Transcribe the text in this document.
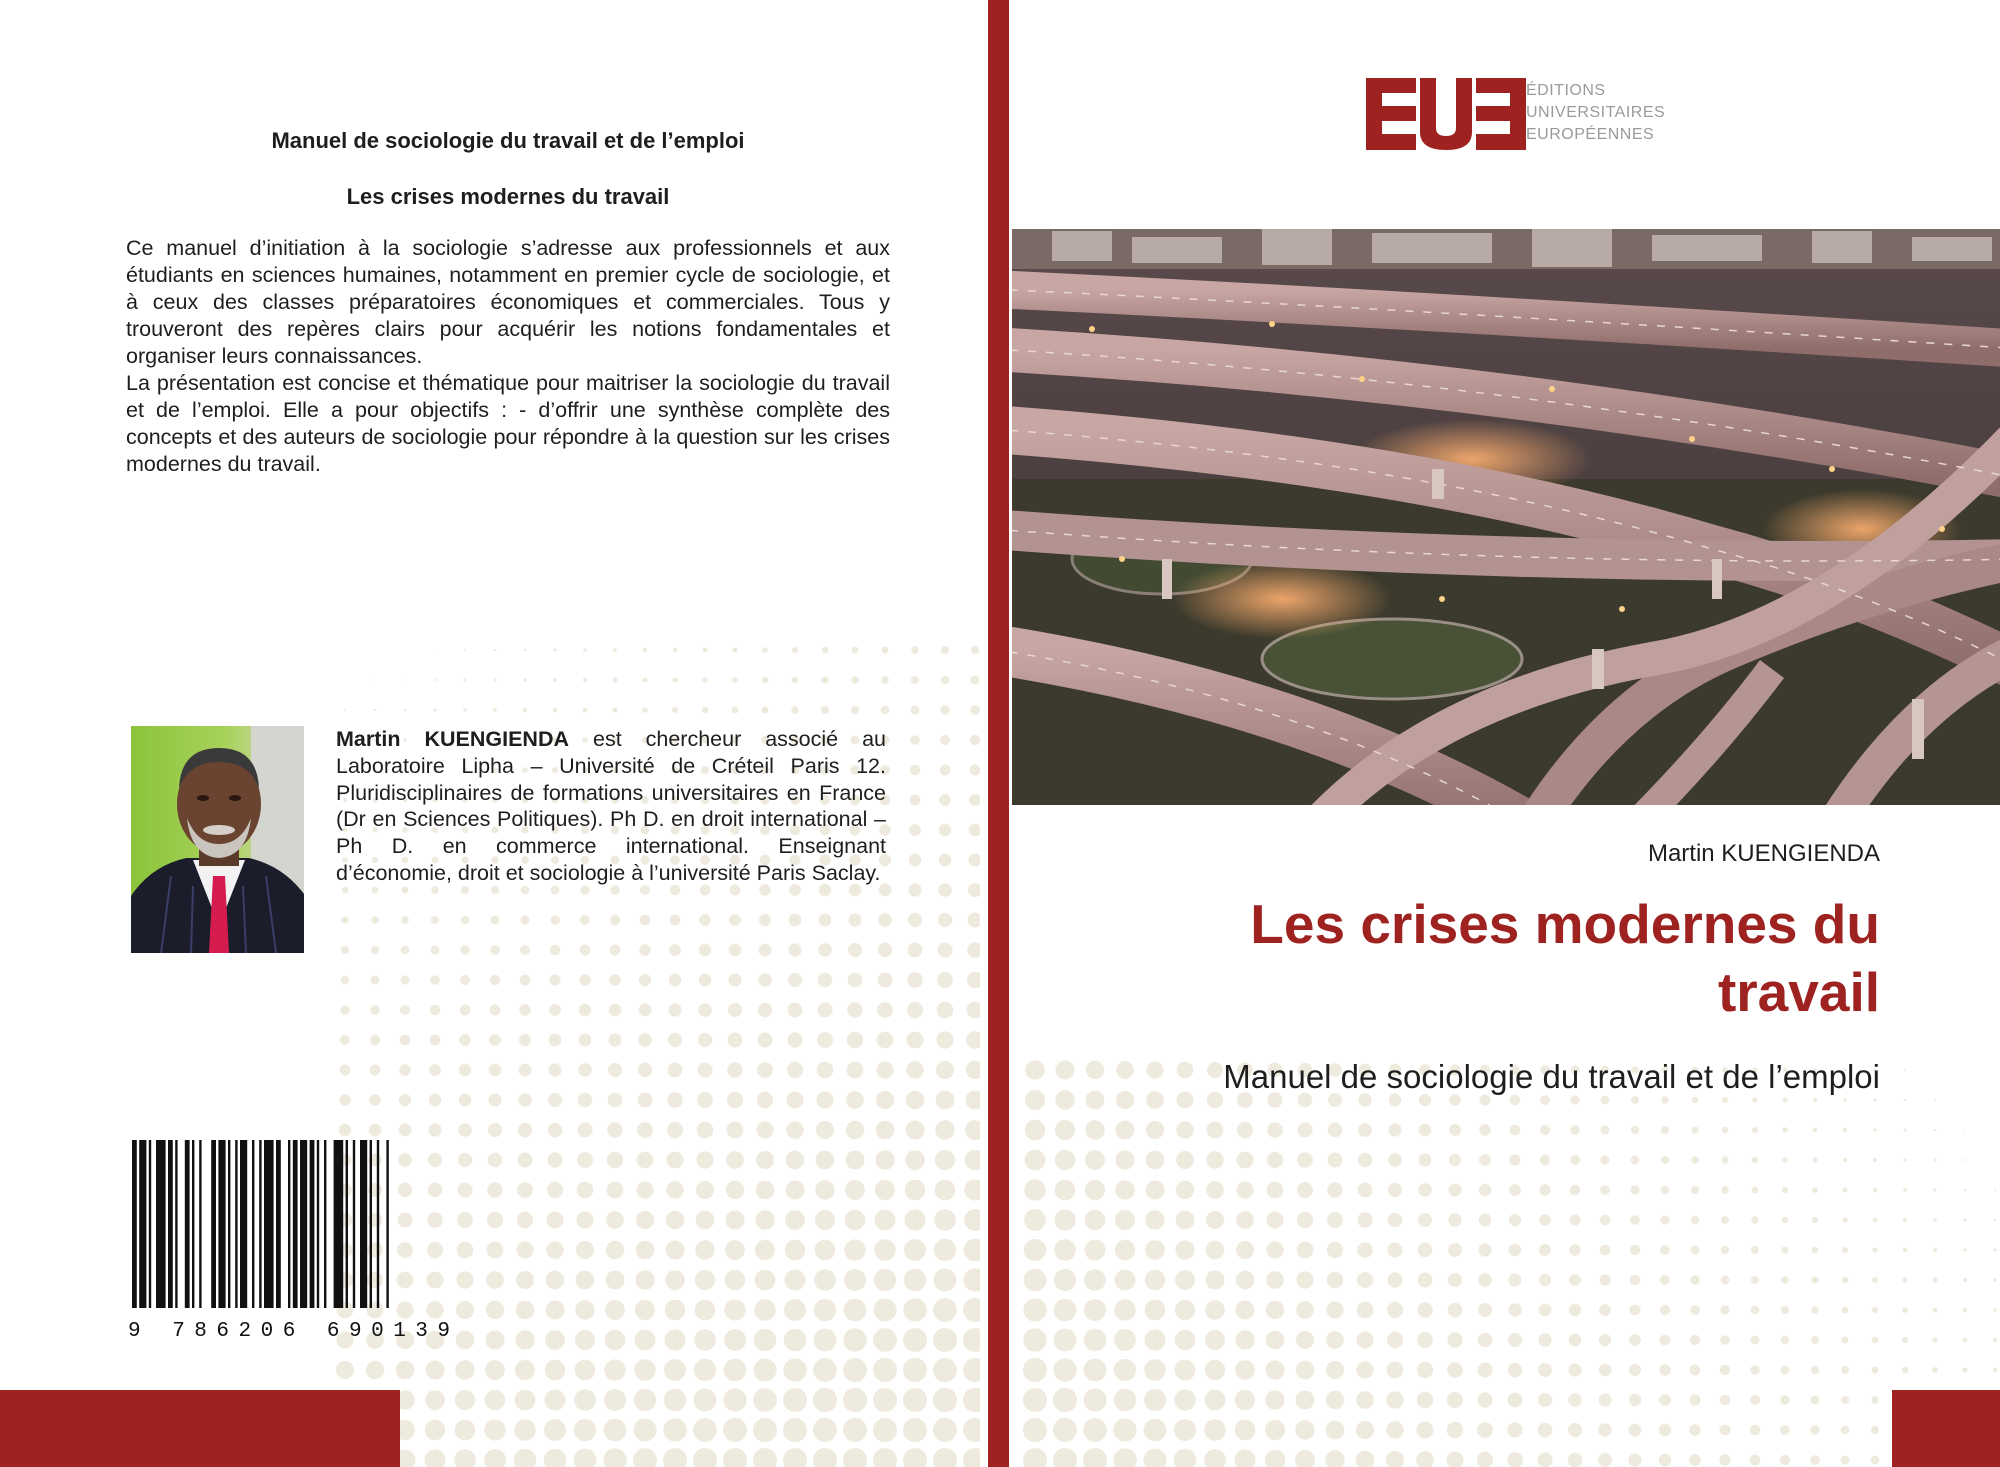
Manuel de sociologie du travail et de l’emploi
Les crises modernes du travail

Ce manuel d’initiation à la sociologie s’adresse aux professionnels et aux étudiants en sciences humaines, notamment en premier cycle de sociologie, et à ceux des classes préparatoires économiques et commerciales. Tous y trouveront des repères clairs pour acquérir les notions fondamentales et organiser leurs connaissances.

La présentation est concise et thématique pour maitriser la sociologie du travail et de l’emploi. Elle a pour objectifs : - d’offrir une synthèse complète des concepts et des auteurs de sociologie pour répondre à la question sur les crises modernes du travail.

Martin KUENGIENDA est chercheur associé au Laboratoire Lipha – Université de Créteil Paris 12. Pluridisciplinaires de formations universitaires en France (Dr en Sciences Politiques). Ph D. en droit international – Ph D. en commerce international. Enseignant d’économie, droit et sociologie à l’université Paris Saclay.

9 786206 690139

ÉDITIONS
UNIVERSITAIRES
EUROPÉENNES

Martin KUENGIENDA

Les crises modernes du travail

Manuel de sociologie du travail et de l’emploi
